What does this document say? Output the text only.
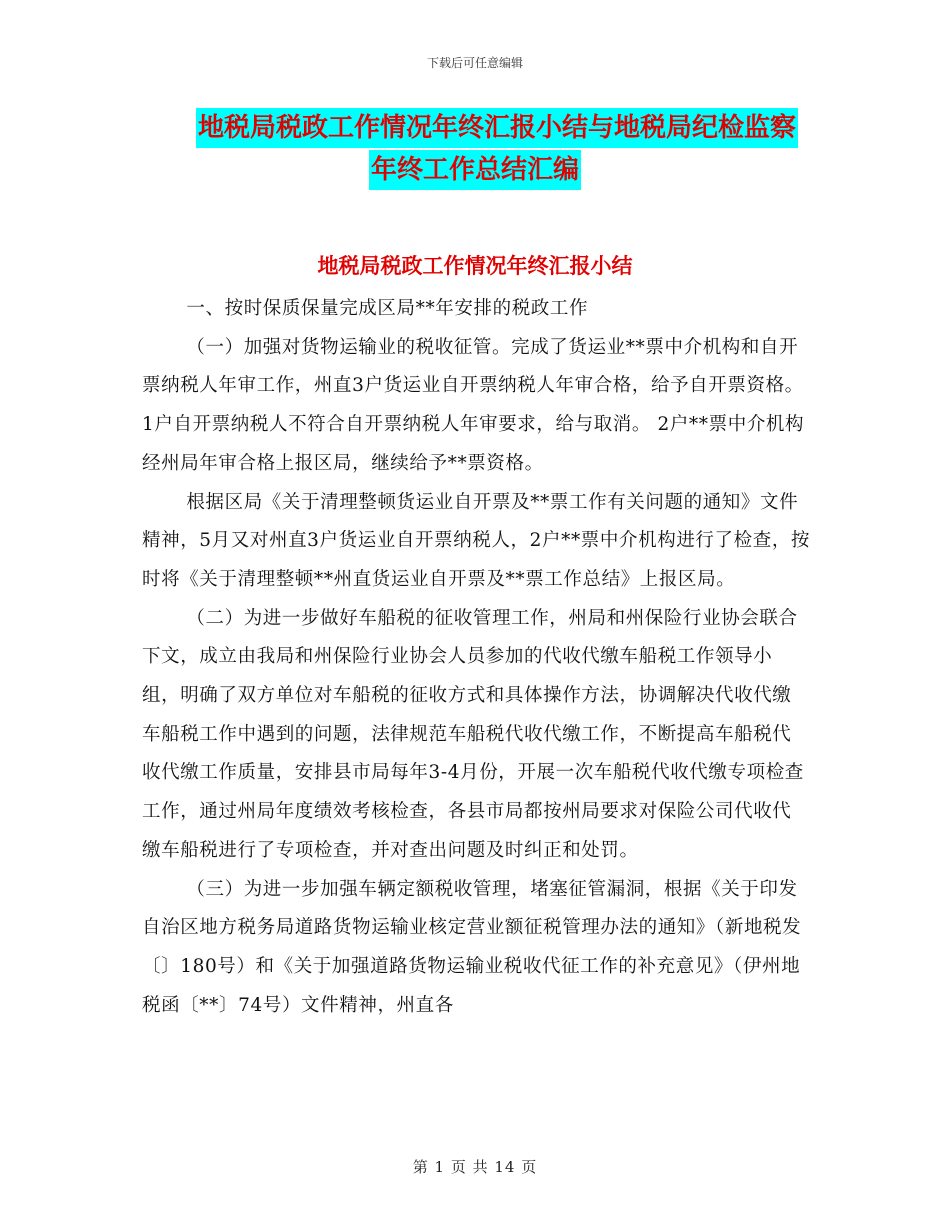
下载后可任意编辑
地税局税政工作情况年终汇报小结与地税局纪检监察
年终工作总结汇编
地税局税政工作情况年终汇报小结

一、按时保质保量完成区局**年安排的税政工作

（一）加强对货物运输业的税收征管。完成了货运业**票中介机构和自开票纳税人年审工作，州直3户货运业自开票纳税人年审合格，给予自开票资格。1户自开票纳税人不符合自开票纳税人年审要求，给与取消。 2户**票中介机构经州局年审合格上报区局，继续给予**票资格。

根据区局《关于清理整顿货运业自开票及**票工作有关问题的通知》文件精神，5月又对州直3户货运业自开票纳税人，2户**票中介机构进行了检查，按时将《关于清理整顿**州直货运业自开票及**票工作总结》上报区局。

（二）为进一步做好车船税的征收管理工作，州局和州保险行业协会联合下文，成立由我局和州保险行业协会人员参加的代收代缴车船税工作领导小组，明确了双方单位对车船税的征收方式和具体操作方法，协调解决代收代缴车船税工作中遇到的问题，法律规范车船税代收代缴工作，不断提高车船税代收代缴工作质量，安排县市局每年3-4月份，开展一次车船税代收代缴专项检查工作，通过州局年度绩效考核检查，各县市局都按州局要求对保险公司代收代缴车船税进行了专项检查，并对查出问题及时纠正和处罚。

（三）为进一步加强车辆定额税收管理，堵塞征管漏洞，根据《关于印发自治区地方税务局道路货物运输业核定营业额征税管理办法的通知》（新地税发〔〕180号）和《关于加强道路货物运输业税收代征工作的补充意见》（伊州地税函〔**〕74号）文件精神，州直各

第 1 页 共 14 页
